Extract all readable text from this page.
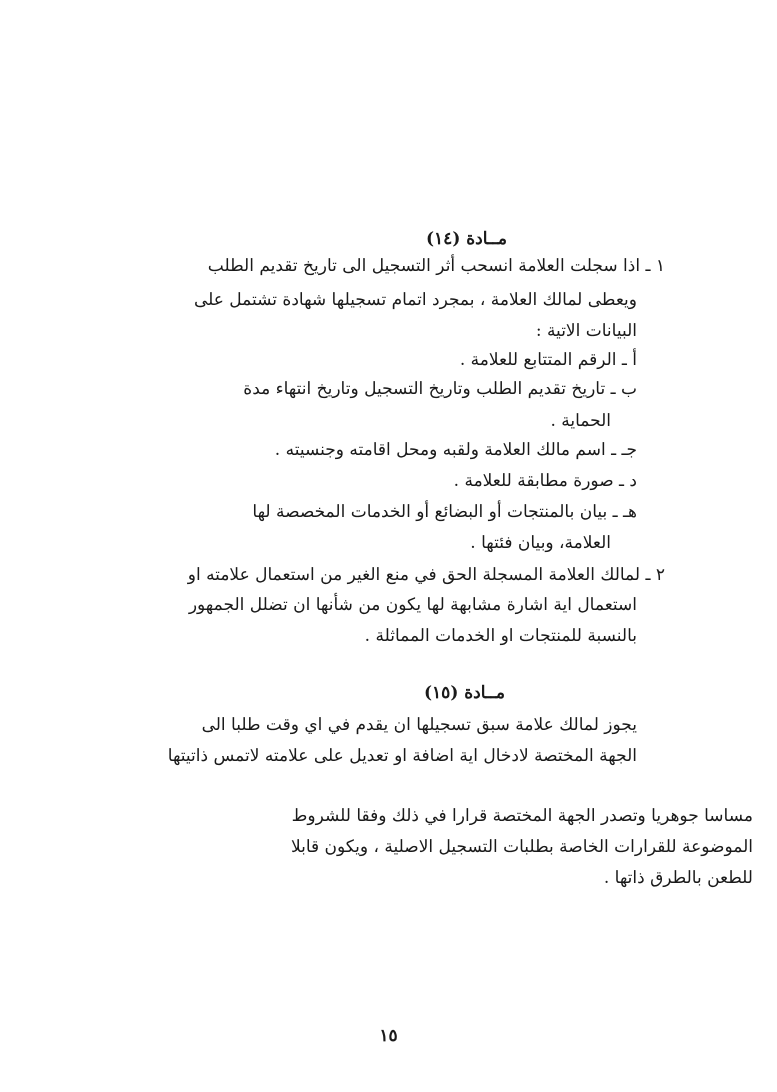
مــادة (١٤)
١ ـ اذا سجلت العلامة انسحب أثر التسجيل الى تاريخ تقديم الطلب
ويعطى لمالك العلامة ، بمجرد اتمام تسجيلها شهادة تشتمل على
البيانات الاتية :
أ ـ الرقم المتتابع للعلامة .
ب ـ تاريخ تقديم الطلب وتاريخ التسجيل وتاريخ انتهاء مدة
الحماية .
جـ ـ اسم مالك العلامة ولقبه ومحل اقامته وجنسيته .
د ـ صورة مطابقة للعلامة .
هـ ـ بيان بالمنتجات أو البضائع أو الخدمات المخصصة لها
العلامة، وبيان فئتها .
٢ ـ لمالك العلامة المسجلة الحق في منع الغير من استعمال علامته او
استعمال اية اشارة مشابهة لها يكون من شأنها ان تضلل الجمهور
بالنسبة للمنتجات او الخدمات المماثلة .
مــادة (١٥)
يجوز لمالك علامة سبق تسجيلها ان يقدم في اي وقت طلبا الى
الجهة المختصة لادخال اية اضافة او تعديل على علامته لاتمس ذاتيتها
مساسا جوهريا وتصدر الجهة المختصة قرارا في ذلك وفقا للشروط
الموضوعة للقرارات الخاصة بطلبات التسجيل الاصلية ، ويكون قابلا
للطعن بالطرق ذاتها .
١٥
